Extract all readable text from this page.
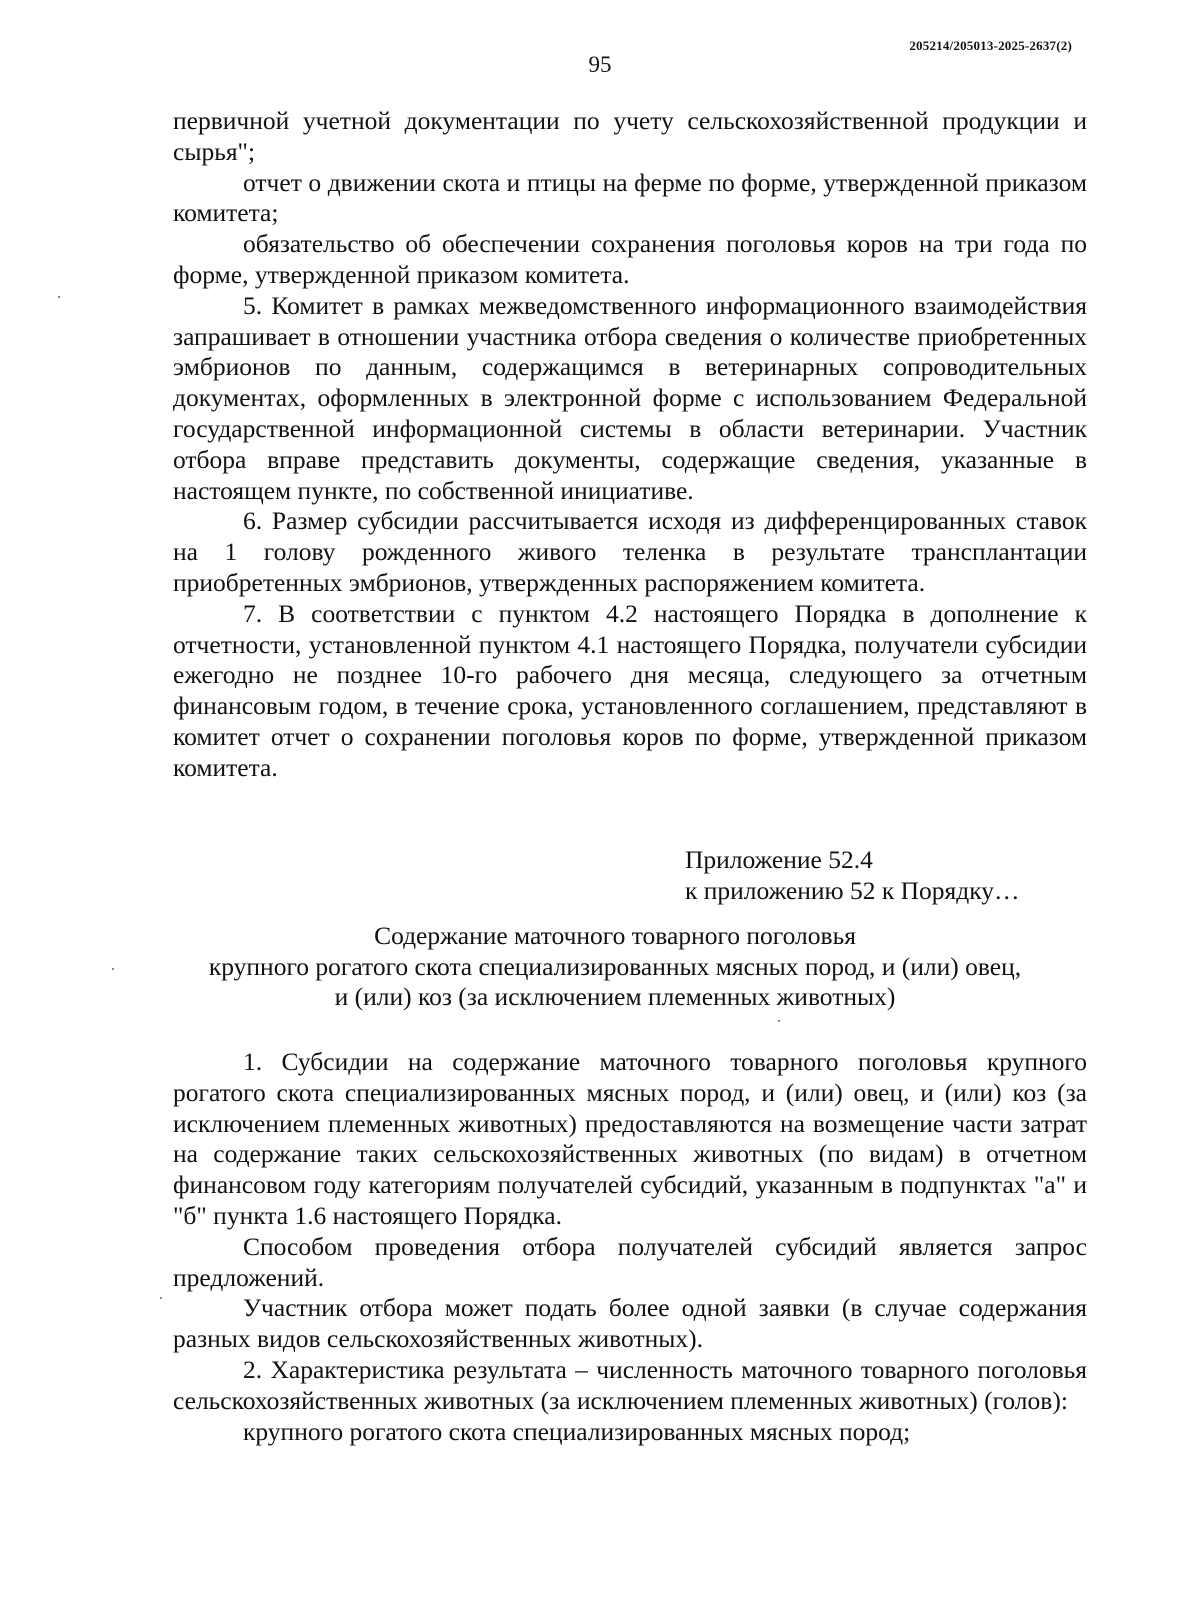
205214/205013-2025-2637(2)
95

первичной учетной документации по учету сельскохозяйственной продукции и сырья";

отчет о движении скота и птицы на ферме по форме, утвержденной приказом комитета;

обязательство об обеспечении сохранения поголовья коров на три года по форме, утвержденной приказом комитета.

5. Комитет в рамках межведомственного информационного взаимодействия запрашивает в отношении участника отбора сведения о количестве приобретенных эмбрионов по данным, содержащимся в ветеринарных сопроводительных документах, оформленных в электронной форме с использованием Федеральной государственной информационной системы в области ветеринарии. Участник отбора вправе представить документы, содержащие сведения, указанные в настоящем пункте, по собственной инициативе.

6. Размер субсидии рассчитывается исходя из дифференцированных ставок на 1 голову рожденного живого теленка в результате трансплантации приобретенных эмбрионов, утвержденных распоряжением комитета.

7. В соответствии с пунктом 4.2 настоящего Порядка в дополнение к отчетности, установленной пунктом 4.1 настоящего Порядка, получатели субсидии ежегодно не позднее 10-го рабочего дня месяца, следующего за отчетным финансовым годом, в течение срока, установленного соглашением, представляют в комитет отчет о сохранении поголовья коров по форме, утвержденной приказом комитета.

Приложение 52.4
к приложению 52 к Порядку…
Содержание маточного товарного поголовья
крупного рогатого скота специализированных мясных пород, и (или) овец,
и (или) коз (за исключением племенных животных)

1. Субсидии на содержание маточного товарного поголовья крупного рогатого скота специализированных мясных пород, и (или) овец, и (или) коз (за исключением племенных животных) предоставляются на возмещение части затрат на содержание таких сельскохозяйственных животных (по видам) в отчетном финансовом году категориям получателей субсидий, указанным в подпунктах "а" и "б" пункта 1.6 настоящего Порядка.

Способом проведения отбора получателей субсидий является запрос предложений.

Участник отбора может подать более одной заявки (в случае содержания разных видов сельскохозяйственных животных).

2. Характеристика результата – численность маточного товарного поголовья сельскохозяйственных животных (за исключением племенных животных) (голов):

крупного рогатого скота специализированных мясных пород;
